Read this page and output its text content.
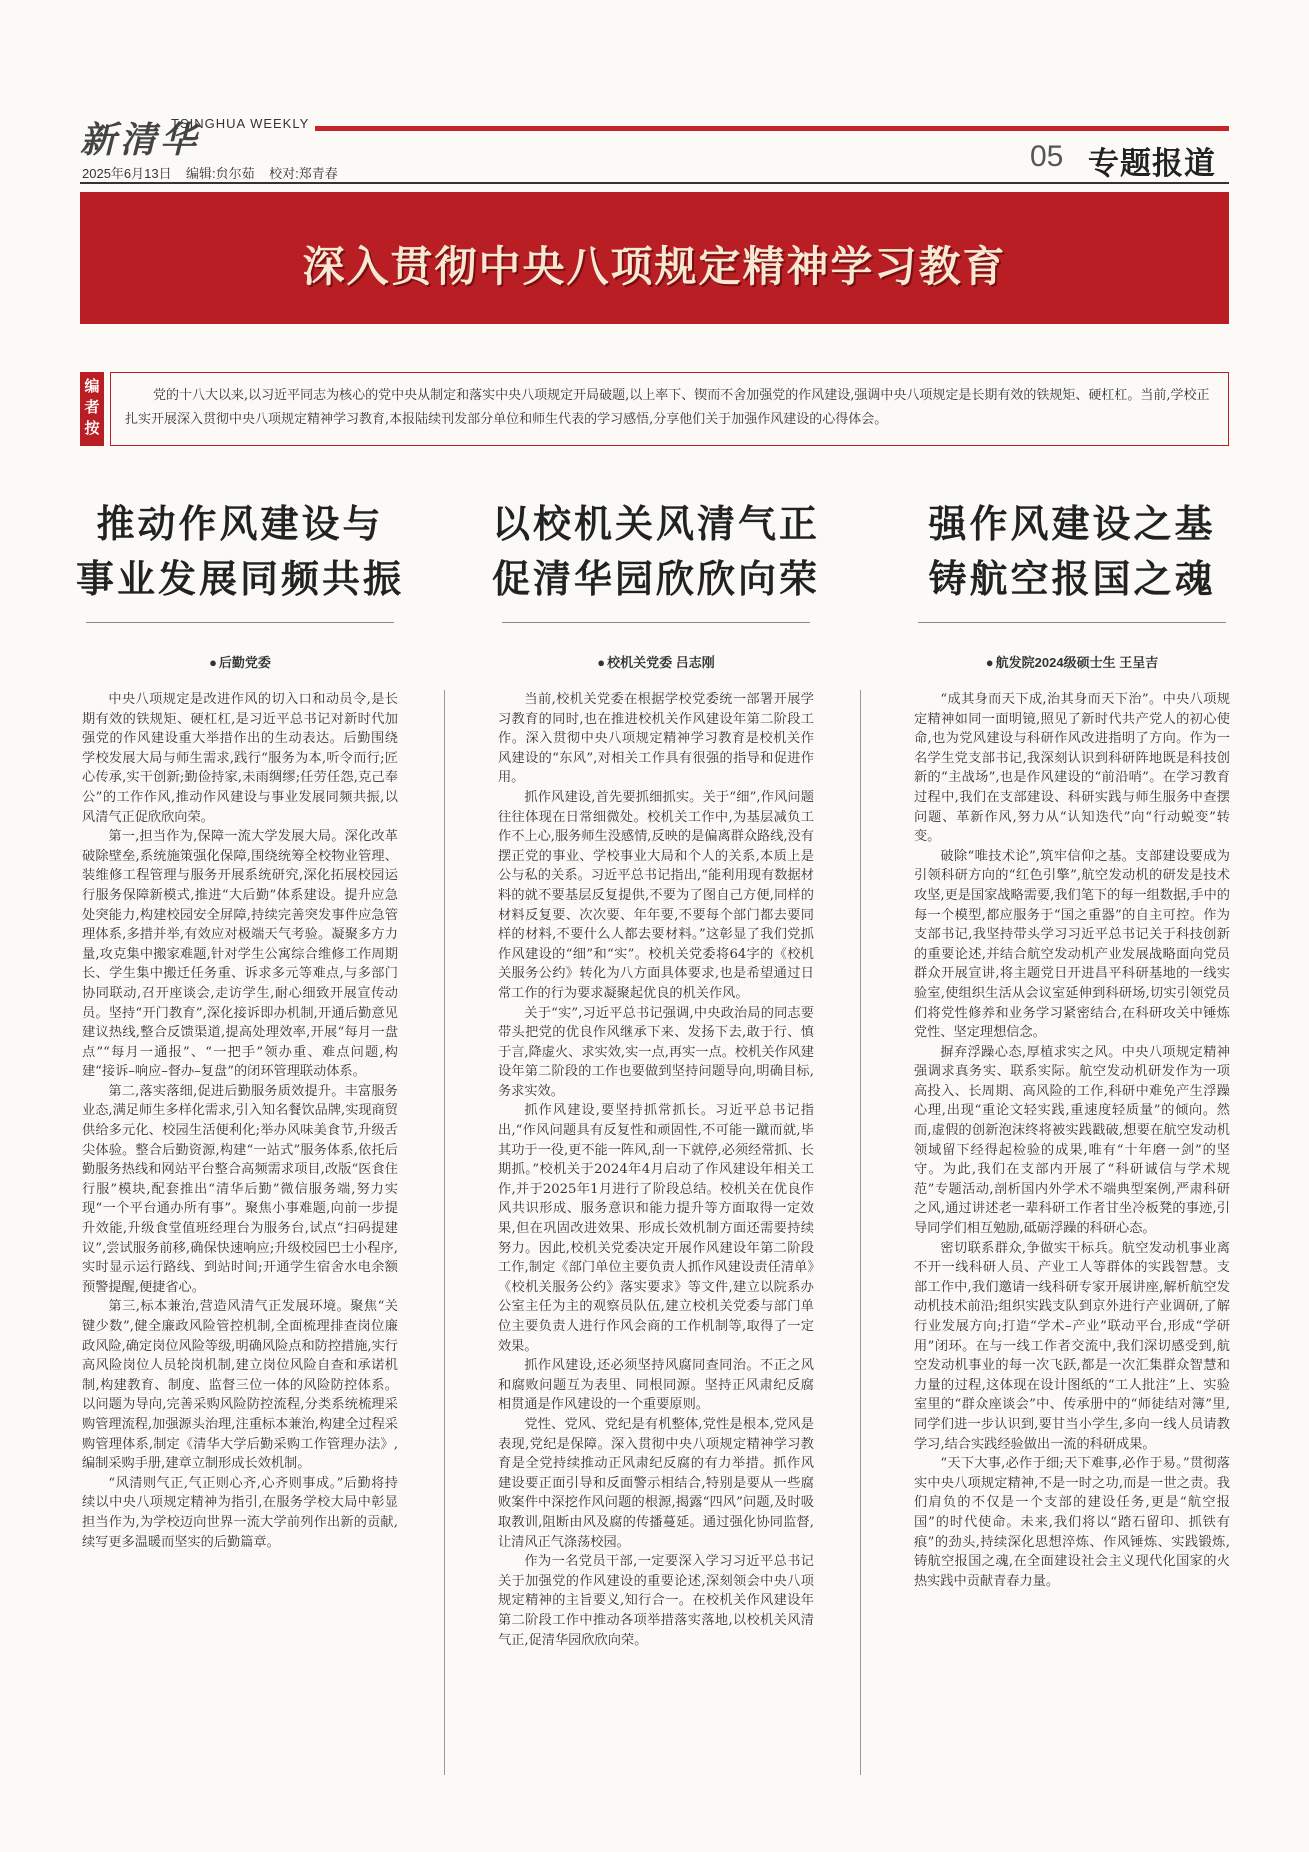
新清华
TSINGHUA WEEKLY
2025年6月13日    编辑:贠尔茹    校对:郑青春
05 专题报道
深入贯彻中央八项规定精神学习教育
编者按
党的十八大以来,以习近平同志为核心的党中央从制定和落实中央八项规定开局破题,以上率下、锲而不舍加强党的作风建设,强调中央八项规定是长期有效的铁规矩、硬杠杠。当前,学校正扎实开展深入贯彻中央八项规定精神学习教育,本报陆续刊发部分单位和师生代表的学习感悟,分享他们关于加强作风建设的心得体会。
推动作风建设与
事业发展同频共振
● 后勤党委

中央八项规定是改进作风的切入口和动员令,是长期有效的铁规矩、硬杠杠,是习近平总书记对新时代加强党的作风建设重大举措作出的生动表达。后勤围绕学校发展大局与师生需求,践行“服务为本,听令而行;匠心传承,实干创新;勤俭持家,未雨绸缪;任劳任怨,克己奉公”的工作作风,推动作风建设与事业发展同频共振,以风清气正促欣欣向荣。

第一,担当作为,保障一流大学发展大局。深化改革破除壁垒,系统施策强化保障,围绕统筹全校物业管理、装维修工程管理与服务开展系统研究,深化拓展校园运行服务保障新模式,推进“大后勤”体系建设。提升应急处突能力,构建校园安全屏障,持续完善突发事件应急管理体系,多措并举,有效应对极端天气考验。凝聚多方力量,攻克集中搬家难题,针对学生公寓综合维修工作周期长、学生集中搬迁任务重、诉求多元等难点,与多部门协同联动,召开座谈会,走访学生,耐心细致开展宣传动员。坚持“开门教育”,深化接诉即办机制,开通后勤意见建议热线,整合反馈渠道,提高处理效率,开展“每月一盘点”“每月一通报”、“一把手”领办重、难点问题,构建“接诉–响应–督办–复盘”的闭环管理联动体系。

第二,落实落细,促进后勤服务质效提升。丰富服务业态,满足师生多样化需求,引入知名餐饮品牌,实现商贸供给多元化、校园生活便利化;举办风味美食节,升级舌尖体验。整合后勤资源,构建“一站式”服务体系,依托后勤服务热线和网站平台整合高频需求项目,改版“医食住行服”模块,配套推出“清华后勤”微信服务端,努力实现“一个平台通办所有事”。聚焦小事难题,向前一步提升效能,升级食堂值班经理台为服务台,试点“扫码提建议”,尝试服务前移,确保快速响应;升级校园巴士小程序,实时显示运行路线、到站时间;开通学生宿舍水电余额预警提醒,便捷省心。

第三,标本兼治,营造风清气正发展环境。聚焦“关键少数”,健全廉政风险管控机制,全面梳理排查岗位廉政风险,确定岗位风险等级,明确风险点和防控措施,实行高风险岗位人员轮岗机制,建立岗位风险自查和承诺机制,构建教育、制度、监督三位一体的风险防控体系。以问题为导向,完善采购风险防控流程,分类系统梳理采购管理流程,加强源头治理,注重标本兼治,构建全过程采购管理体系,制定《清华大学后勤采购工作管理办法》,编制采购手册,建章立制形成长效机制。

“风清则气正,气正则心齐,心齐则事成。”后勤将持续以中央八项规定精神为指引,在服务学校大局中彰显担当作为,为学校迈向世界一流大学前列作出新的贡献,续写更多温暖而坚实的后勤篇章。

以校机关风清气正
促清华园欣欣向荣
● 校机关党委 吕志刚

当前,校机关党委在根据学校党委统一部署开展学习教育的同时,也在推进校机关作风建设年第二阶段工作。深入贯彻中央八项规定精神学习教育是校机关作风建设的“东风”,对相关工作具有很强的指导和促进作用。

抓作风建设,首先要抓细抓实。关于“细”,作风问题往往体现在日常细微处。校机关工作中,为基层减负工作不上心,服务师生没感情,反映的是偏离群众路线,没有摆正党的事业、学校事业大局和个人的关系,本质上是公与私的关系。习近平总书记指出,“能利用现有数据材料的就不要基层反复提供,不要为了图自己方便,同样的材料反复要、次次要、年年要,不要每个部门都去要同样的材料,不要什么人都去要材料。”这彰显了我们党抓作风建设的“细”和“实”。校机关党委将64字的《校机关服务公约》转化为八方面具体要求,也是希望通过日常工作的行为要求凝聚起优良的机关作风。

关于“实”,习近平总书记强调,中央政治局的同志要带头把党的优良作风继承下来、发扬下去,敢于行、慎于言,降虚火、求实效,实一点,再实一点。校机关作风建设年第二阶段的工作也要做到坚持问题导向,明确目标,务求实效。

抓作风建设,要坚持抓常抓长。习近平总书记指出,“作风问题具有反复性和顽固性,不可能一蹴而就,毕其功于一役,更不能一阵风,刮一下就停,必须经常抓、长期抓。”校机关于2024年4月启动了作风建设年相关工作,并于2025年1月进行了阶段总结。校机关在优良作风共识形成、服务意识和能力提升等方面取得一定效果,但在巩固改进效果、形成长效机制方面还需要持续努力。因此,校机关党委决定开展作风建设年第二阶段工作,制定《部门单位主要负责人抓作风建设责任清单》《校机关服务公约》落实要求》等文件,建立以院系办公室主任为主的观察员队伍,建立校机关党委与部门单位主要负责人进行作风会商的工作机制等,取得了一定效果。

抓作风建设,还必须坚持风腐同查同治。不正之风和腐败问题互为表里、同根同源。坚持正风肃纪反腐相贯通是作风建设的一个重要原则。

党性、党风、党纪是有机整体,党性是根本,党风是表现,党纪是保障。深入贯彻中央八项规定精神学习教育是全党持续推动正风肃纪反腐的有力举措。抓作风建设要正面引导和反面警示相结合,特别是要从一些腐败案件中深挖作风问题的根源,揭露“四风”问题,及时吸取教训,阻断由风及腐的传播蔓延。通过强化协同监督,让清风正气涤荡校园。

作为一名党员干部,一定要深入学习习近平总书记关于加强党的作风建设的重要论述,深刻领会中央八项规定精神的主旨要义,知行合一。在校机关作风建设年第二阶段工作中推动各项举措落实落地,以校机关风清气正,促清华园欣欣向荣。

强作风建设之基
铸航空报国之魂
● 航发院2024级硕士生 王呈吉

“成其身而天下成,治其身而天下治”。中央八项规定精神如同一面明镜,照见了新时代共产党人的初心使命,也为党风建设与科研作风改进指明了方向。作为一名学生党支部书记,我深刻认识到科研阵地既是科技创新的“主战场”,也是作风建设的“前沿哨”。在学习教育过程中,我们在支部建设、科研实践与师生服务中查摆问题、革新作风,努力从“认知迭代”向“行动蜕变”转变。

破除“唯技术论”,筑牢信仰之基。支部建设要成为引领科研方向的“红色引擎”,航空发动机的研发是技术攻坚,更是国家战略需要,我们笔下的每一组数据,手中的每一个模型,都应服务于“国之重器”的自主可控。作为支部书记,我坚持带头学习习近平总书记关于科技创新的重要论述,并结合航空发动机产业发展战略面向党员群众开展宣讲,将主题党日开进昌平科研基地的一线实验室,使组织生活从会议室延伸到科研场,切实引领党员们将党性修养和业务学习紧密结合,在科研攻关中锤炼党性、坚定理想信念。

摒弃浮躁心态,厚植求实之风。中央八项规定精神强调求真务实、联系实际。航空发动机研发作为一项高投入、长周期、高风险的工作,科研中难免产生浮躁心理,出现“重论文轻实践,重速度轻质量”的倾向。然而,虚假的创新泡沫终将被实践戳破,想要在航空发动机领域留下经得起检验的成果,唯有“十年磨一剑”的坚守。为此,我们在支部内开展了“科研诚信与学术规范”专题活动,剖析国内外学术不端典型案例,严肃科研之风,通过讲述老一辈科研工作者甘坐冷板凳的事迹,引导同学们相互勉励,砥砺浮躁的科研心态。

密切联系群众,争做实干标兵。航空发动机事业离不开一线科研人员、产业工人等群体的实践智慧。支部工作中,我们邀请一线科研专家开展讲座,解析航空发动机技术前沿;组织实践支队到京外进行产业调研,了解行业发展方向;打造“学术–产业”联动平台,形成“学研用”闭环。在与一线工作者交流中,我们深切感受到,航空发动机事业的每一次飞跃,都是一次汇集群众智慧和力量的过程,这体现在设计图纸的“工人批注”上、实验室里的“群众座谈会”中、传承册中的“师徒结对簿”里,同学们进一步认识到,要甘当小学生,多向一线人员请教学习,结合实践经验做出一流的科研成果。

“天下大事,必作于细;天下难事,必作于易。”贯彻落实中央八项规定精神,不是一时之功,而是一世之责。我们肩负的不仅是一个支部的建设任务,更是“航空报国”的时代使命。未来,我们将以“踏石留印、抓铁有痕”的劲头,持续深化思想淬炼、作风锤炼、实践锻炼,铸航空报国之魂,在全面建设社会主义现代化国家的火热实践中贡献青春力量。
